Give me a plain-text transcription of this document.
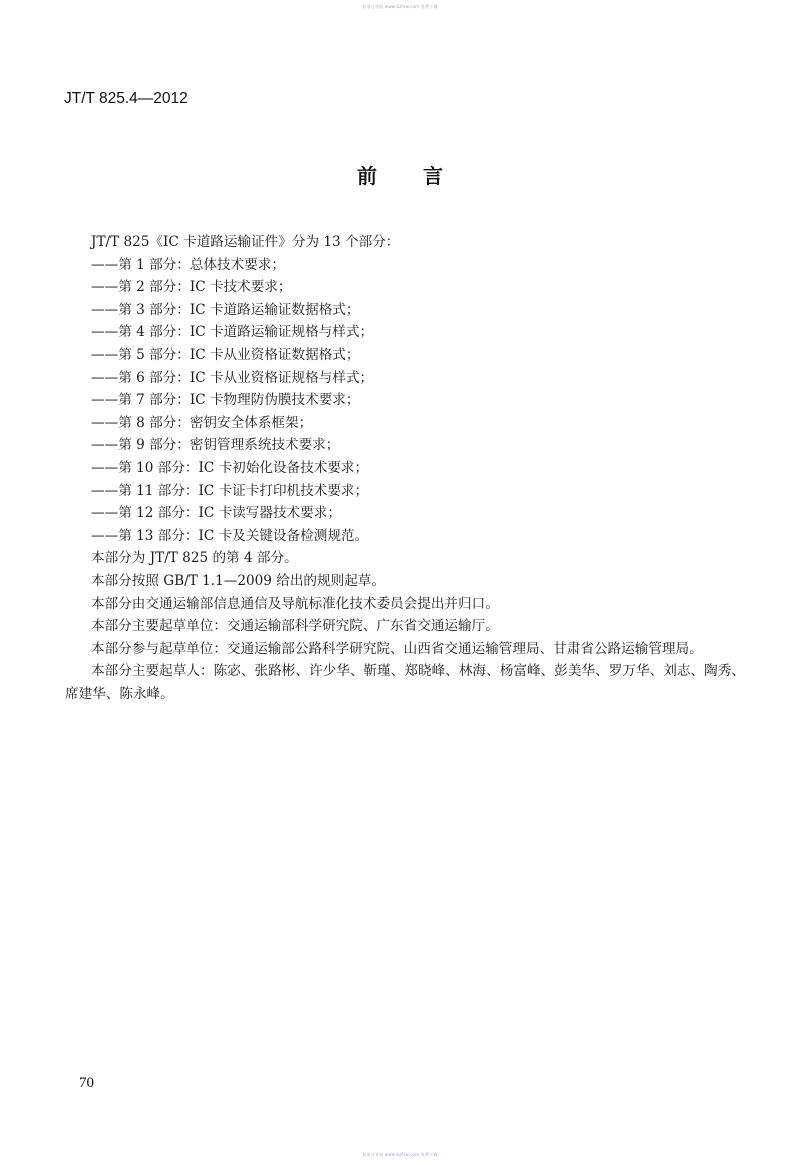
标准分享网 www.bzfxw.com 免费下载
JT/T 825.4—2012
前 言
JT/T 825《IC 卡道路运输证件》分为 13 个部分：
——第 1 部分：总体技术要求；
——第 2 部分：IC 卡技术要求；
——第 3 部分：IC 卡道路运输证数据格式；
——第 4 部分：IC 卡道路运输证规格与样式；
——第 5 部分：IC 卡从业资格证数据格式；
——第 6 部分：IC 卡从业资格证规格与样式；
——第 7 部分：IC 卡物理防伪膜技术要求；
——第 8 部分：密钥安全体系框架；
——第 9 部分：密钥管理系统技术要求；
——第 10 部分：IC 卡初始化设备技术要求；
——第 11 部分：IC 卡证卡打印机技术要求；
——第 12 部分：IC 卡读写器技术要求；
——第 13 部分：IC 卡及关键设备检测规范。
本部分为 JT/T 825 的第 4 部分。
本部分按照 GB/T 1.1—2009 给出的规则起草。
本部分由交通运输部信息通信及导航标准化技术委员会提出并归口。
本部分主要起草单位：交通运输部科学研究院、广东省交通运输厅。
本部分参与起草单位：交通运输部公路科学研究院、山西省交通运输管理局、甘肃省公路运输管理局。
本部分主要起草人：陈宓、张路彬、许少华、靳瑾、郑晓峰、林海、杨富峰、彭美华、罗万华、刘志、陶秀、席建华、陈永峰。
70
标准分享网 www.bzfxw.com 免费下载
